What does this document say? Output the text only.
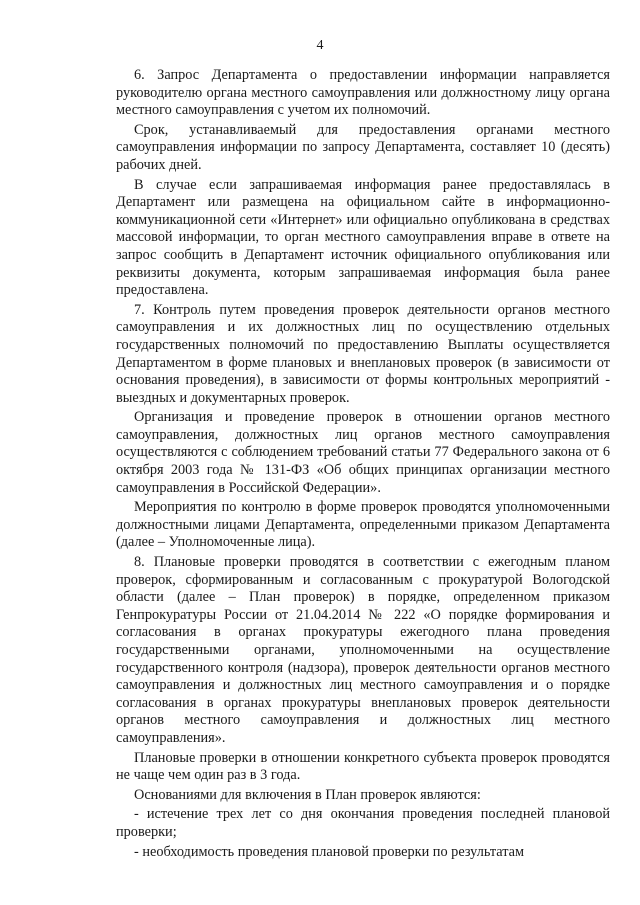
4

6. Запрос Департамента о предоставлении информации направляется руководителю органа местного самоуправления или должностному лицу органа местного самоуправления с учетом их полномочий.

Срок, устанавливаемый для предоставления органами местного самоуправления информации по запросу Департамента, составляет 10 (десять) рабочих дней.

В случае если запрашиваемая информация ранее предоставлялась в Департамент или размещена на официальном сайте в информационно-коммуникационной сети «Интернет» или официально опубликована в средствах массовой информации, то орган местного самоуправления вправе в ответе на запрос сообщить в Департамент источник официального опубликования или реквизиты документа, которым запрашиваемая информация была ранее предоставлена.

7. Контроль путем проведения проверок деятельности органов местного самоуправления и их должностных лиц по осуществлению отдельных государственных полномочий по предоставлению Выплаты осуществляется Департаментом в форме плановых и внеплановых проверок (в зависимости от основания проведения), в зависимости от формы контрольных мероприятий - выездных и документарных проверок.

Организация и проведение проверок в отношении органов местного самоуправления, должностных лиц органов местного самоуправления осуществляются с соблюдением требований статьи 77 Федерального закона от 6 октября 2003 года № 131-ФЗ «Об общих принципах организации местного самоуправления в Российской Федерации».

Мероприятия по контролю в форме проверок проводятся уполномоченными должностными лицами Департамента, определенными приказом Департамента (далее – Уполномоченные лица).

8. Плановые проверки проводятся в соответствии с ежегодным планом проверок, сформированным и согласованным с прокуратурой Вологодской области (далее – План проверок) в порядке, определенном приказом Генпрокуратуры России от 21.04.2014 № 222 «О порядке формирования и согласования в органах прокуратуры ежегодного плана проведения государственными органами, уполномоченными на осуществление государственного контроля (надзора), проверок деятельности органов местного самоуправления и должностных лиц местного самоуправления и о порядке согласования в органах прокуратуры внеплановых проверок деятельности органов местного самоуправления и должностных лиц местного самоуправления».

Плановые проверки в отношении конкретного субъекта проверок проводятся не чаще чем один раз в 3 года.

Основаниями для включения в План проверок являются:

- истечение трех лет со дня окончания проведения последней плановой проверки;

- необходимость проведения плановой проверки по результатам
